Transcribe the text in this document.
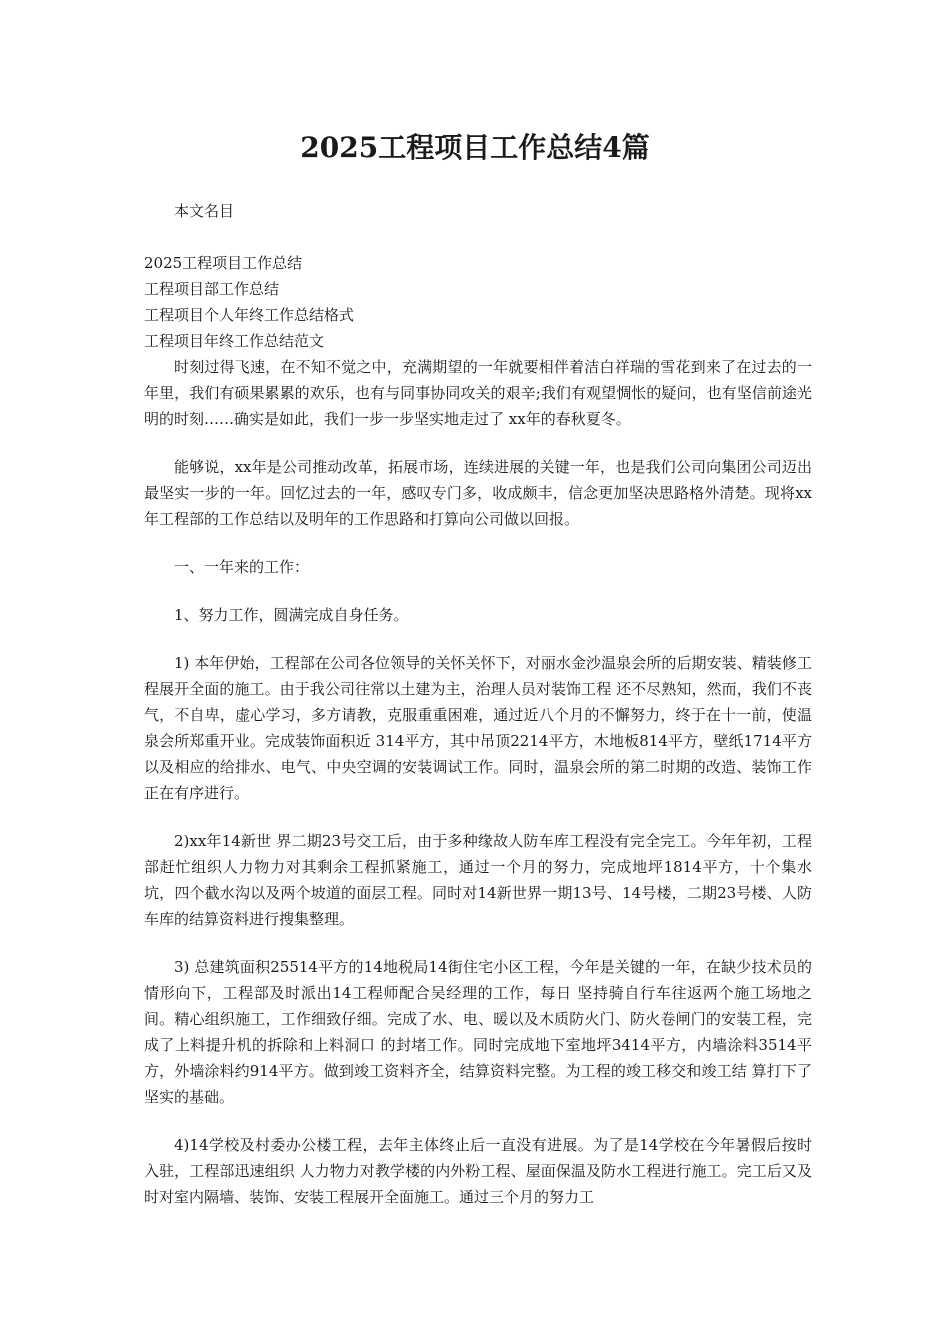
2025工程项目工作总结4篇

本文名目

2025工程项目工作总结

工程项目部工作总结

工程项目个人年终工作总结格式

工程项目年终工作总结范文

时刻过得飞速，在不知不觉之中，充满期望的一年就要相伴着洁白祥瑞的雪花到来了在过去的一年里，我们有硕果累累的欢乐，也有与同事协同攻关的艰辛;我们有观望惆怅的疑问，也有坚信前途光明的时刻……确实是如此，我们一步一步坚实地走过了 xx年的春秋夏冬。

能够说，xx年是公司推动改革，拓展市场，连续进展的关键一年，也是我们公司向集团公司迈出最坚实一步的一年。回忆过去的一年，感叹专门多，收成颇丰，信念更加坚决思路格外清楚。现将xx年工程部的工作总结以及明年的工作思路和打算向公司做以回报。

一、一年来的工作：

1、努力工作，圆满完成自身任务。

1) 本年伊始，工程部在公司各位领导的关怀关怀下，对丽水金沙温泉会所的后期安装、精装修工程展开全面的施工。由于我公司往常以土建为主，治理人员对装饰工程 还不尽熟知，然而，我们不丧气，不自卑，虚心学习，多方请教，克服重重困难，通过近八个月的不懈努力，终于在十一前，使温泉会所郑重开业。完成装饰面积近 314平方，其中吊顶2214平方，木地板814平方，壁纸1714平方以及相应的给排水、电气、中央空调的安装调试工作。同时，温泉会所的第二时期的改造、装饰工作正在有序进行。

2)xx年14新世 界二期23号交工后，由于多种缘故人防车库工程没有完全完工。今年年初，工程部赶忙组织人力物力对其剩余工程抓紧施工，通过一个月的努力，完成地坪1814平方，十个集水坑，四个截水沟以及两个坡道的面层工程。同时对14新世界一期13号、14号楼，二期23号楼、人防车库的结算资料进行搜集整理。

3) 总建筑面积25514平方的14地税局14街住宅小区工程，今年是关键的一年，在缺少技术员的情形向下，工程部及时派出14工程师配合吴经理的工作，每日 坚持骑自行车往返两个施工场地之间。精心组织施工，工作细致仔细。完成了水、电、暖以及木质防火门、防火卷闸门的安装工程，完成了上料提升机的拆除和上料洞口 的封堵工作。同时完成地下室地坪3414平方，内墙涂料3514平方，外墙涂料约914平方。做到竣工资料齐全，结算资料完整。为工程的竣工移交和竣工结 算打下了坚实的基础。

4)14学校及村委办公楼工程，去年主体终止后一直没有进展。为了是14学校在今年暑假后按时入驻，工程部迅速组织 人力物力对教学楼的内外粉工程、屋面保温及防水工程进行施工。完工后又及时对室内隔墙、装饰、安装工程展开全面施工。通过三个月的努力工
